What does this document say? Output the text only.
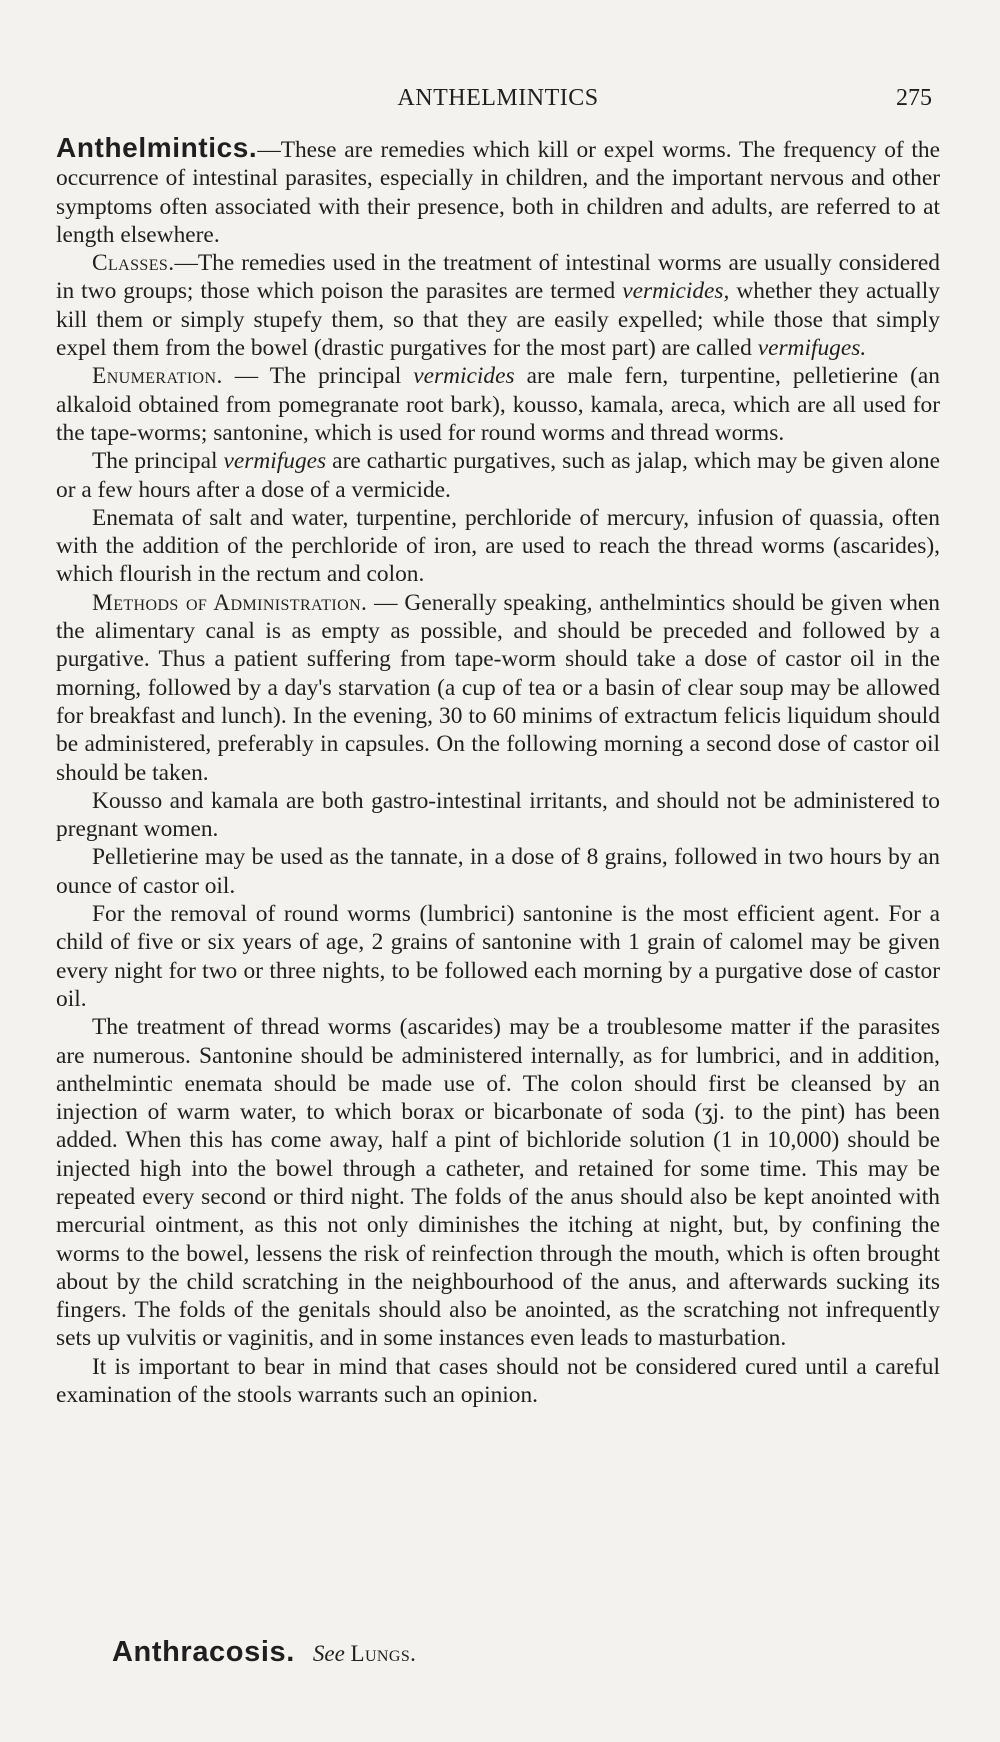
ANTHELMINTICS	275

Anthelmintics.—These are remedies which kill or expel worms. The frequency of the occurrence of intestinal parasites, especially in children, and the important nervous and other symptoms often associated with their presence, both in children and adults, are referred to at length elsewhere.

Classes.—The remedies used in the treatment of intestinal worms are usually considered in two groups; those which poison the parasites are termed vermicides, whether they actually kill them or simply stupefy them, so that they are easily expelled; while those that simply expel them from the bowel (drastic purgatives for the most part) are called vermifuges.

Enumeration. — The principal vermicides are male fern, turpentine, pelletierine (an alkaloid obtained from pomegranate root bark), kousso, kamala, areca, which are all used for the tape-worms; santonine, which is used for round worms and thread worms.

The principal vermifuges are cathartic purgatives, such as jalap, which may be given alone or a few hours after a dose of a vermicide.

Enemata of salt and water, turpentine, perchloride of mercury, infusion of quassia, often with the addition of the perchloride of iron, are used to reach the thread worms (ascarides), which flourish in the rectum and colon.

Methods of Administration. — Generally speaking, anthelmintics should be given when the alimentary canal is as empty as possible, and should be preceded and followed by a purgative. Thus a patient suffering from tape-worm should take a dose of castor oil in the morning, followed by a day's starvation (a cup of tea or a basin of clear soup may be allowed for breakfast and lunch). In the evening, 30 to 60 minims of extractum felicis liquidum should be administered, preferably in capsules. On the following morning a second dose of castor oil should be taken.

Kousso and kamala are both gastro-intestinal irritants, and should not be administered to pregnant women.

Pelletierine may be used as the tannate, in a dose of 8 grains, followed in two hours by an ounce of castor oil.

For the removal of round worms (lumbrici) santonine is the most efficient agent. For a child of five or six years of age, 2 grains of santonine with 1 grain of calomel may be given every night for two or three nights, to be followed each morning by a purgative dose of castor oil.

The treatment of thread worms (ascarides) may be a troublesome matter if the parasites are numerous. Santonine should be administered internally, as for lumbrici, and in addition, anthelmintic enemata should be made use of. The colon should first be cleansed by an injection of warm water, to which borax or bicarbonate of soda (ʒj. to the pint) has been added. When this has come away, half a pint of bichloride solution (1 in 10,000) should be injected high into the bowel through a catheter, and retained for some time. This may be repeated every second or third night. The folds of the anus should also be kept anointed with mercurial ointment, as this not only diminishes the itching at night, but, by confining the worms to the bowel, lessens the risk of reinfection through the mouth, which is often brought about by the child scratching in the neighbourhood of the anus, and afterwards sucking its fingers. The folds of the genitals should also be anointed, as the scratching not infrequently sets up vulvitis or vaginitis, and in some instances even leads to masturbation.

It is important to bear in mind that cases should not be considered cured until a careful examination of the stools warrants such an opinion.

Anthracosis. See Lungs.
